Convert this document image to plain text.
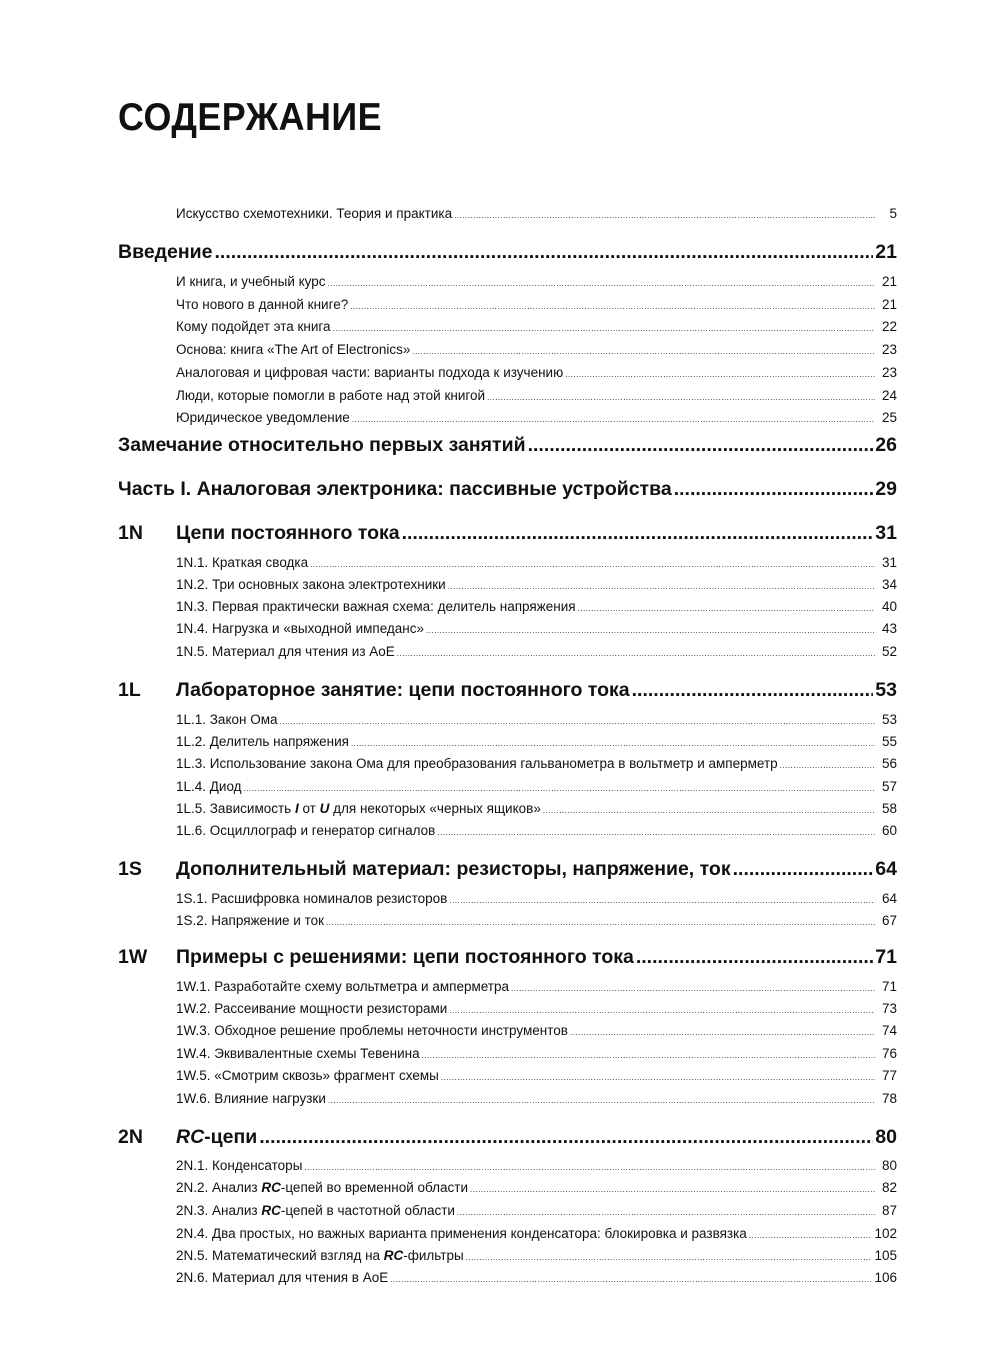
СОДЕРЖАНИЕ
Искусство схемотехники. Теория и практика .....	5
Введение .....	21
И книга, и учебный курс .....	21
Что нового в данной книге? .....	21
Кому подойдет эта книга .....	22
Основа: книга «The Art of Electronics» .....	23
Аналоговая и цифровая части: варианты подхода к изучению .....	23
Люди, которые помогли в работе над этой книгой .....	24
Юридическое уведомление .....	25
Замечание относительно первых занятий .....	26
Часть I. Аналоговая электроника: пассивные устройства .....	29
1N	Цепи постоянного тока .....	31
1N.1. Краткая сводка .....	31
1N.2. Три основных закона электротехники .....	34
1N.3. Первая практически важная схема: делитель напряжения .....	40
1N.4. Нагрузка и «выходной импеданс» .....	43
1N.5. Материал для чтения из АоЕ .....	52
1L	Лабораторное занятие: цепи постоянного тока .....	53
1L.1. Закон Ома .....	53
1L.2. Делитель напряжения .....	55
1L.3. Использование закона Ома для преобразования гальванометра в вольтметр и амперметр .....	56
1L.4. Диод .....	57
1L.5. Зависимость I от U для некоторых «черных ящиков» .....	58
1L.6. Осциллограф и генератор сигналов .....	60
1S	Дополнительный материал: резисторы, напряжение, ток .....	64
1S.1. Расшифровка номиналов резисторов .....	64
1S.2. Напряжение и ток .....	67
1W	Примеры с решениями: цепи постоянного тока .....	71
1W.1. Разработайте схему вольтметра и амперметра .....	71
1W.2. Рассеивание мощности резисторами .....	73
1W.3. Обходное решение проблемы неточности инструментов .....	74
1W.4. Эквивалентные схемы Тевенина .....	76
1W.5. «Смотрим сквозь» фрагмент схемы .....	77
1W.6. Влияние нагрузки .....	78
2N	RC-цепи .....	80
2N.1. Конденсаторы .....	80
2N.2. Анализ RC-цепей во временной области .....	82
2N.3. Анализ RC-цепей в частотной области .....	87
2N.4. Два простых, но важных варианта применения конденсатора: блокировка и развязка .....	102
2N.5. Математический взгляд на RC-фильтры .....	105
2N.6. Материал для чтения в АоЕ .....	106
